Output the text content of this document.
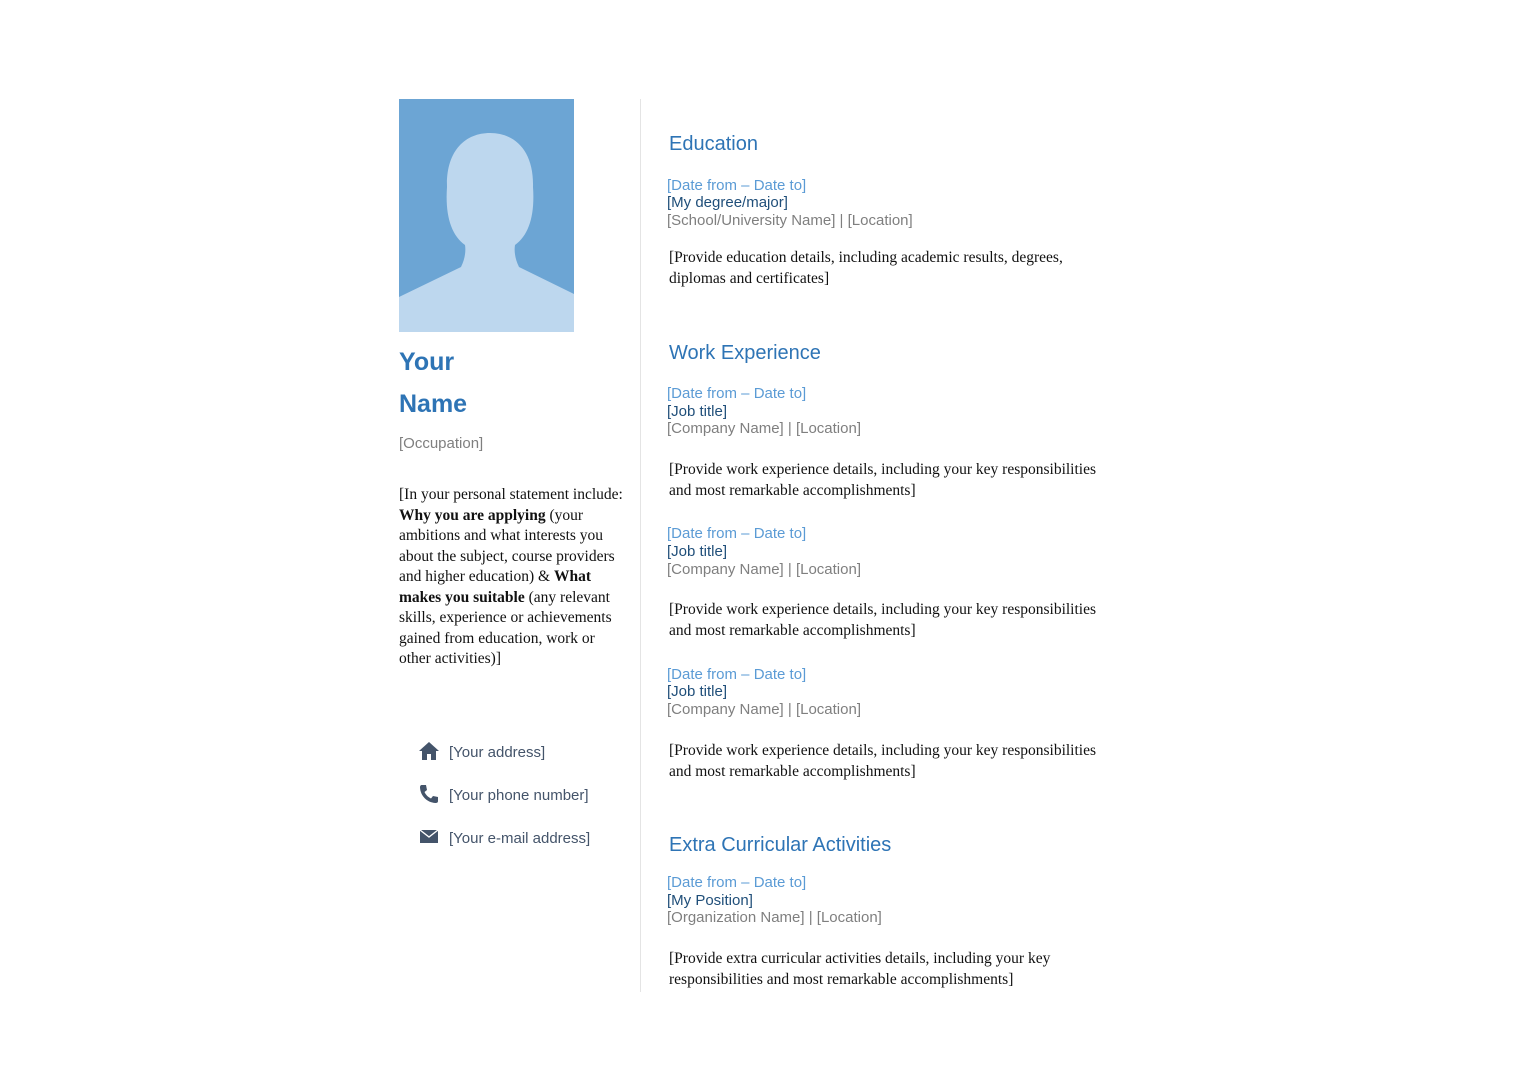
Your
Name
[Occupation]
[In your personal statement include: Why you are applying (your ambitions and what interests you about the subject, course providers and higher education) & What makes you suitable (any relevant skills, experience or achievements gained from education, work or other activities)]
[Your address]
[Your phone number]
[Your e-mail address]
Education
[Date from – Date to]
[My degree/major]
[School/University Name] | [Location]
[Provide education details, including academic results, degrees, diplomas and certificates]
Work Experience
[Date from – Date to]
[Job title]
[Company Name] | [Location]
[Provide work experience details, including your key responsibilities and most remarkable accomplishments]
[Date from – Date to]
[Job title]
[Company Name] | [Location]
[Provide work experience details, including your key responsibilities and most remarkable accomplishments]
[Date from – Date to]
[Job title]
[Company Name] | [Location]
[Provide work experience details, including your key responsibilities and most remarkable accomplishments]
Extra Curricular Activities
[Date from – Date to]
[My Position]
[Organization Name] | [Location]
[Provide extra curricular activities details, including your key responsibilities and most remarkable accomplishments]
